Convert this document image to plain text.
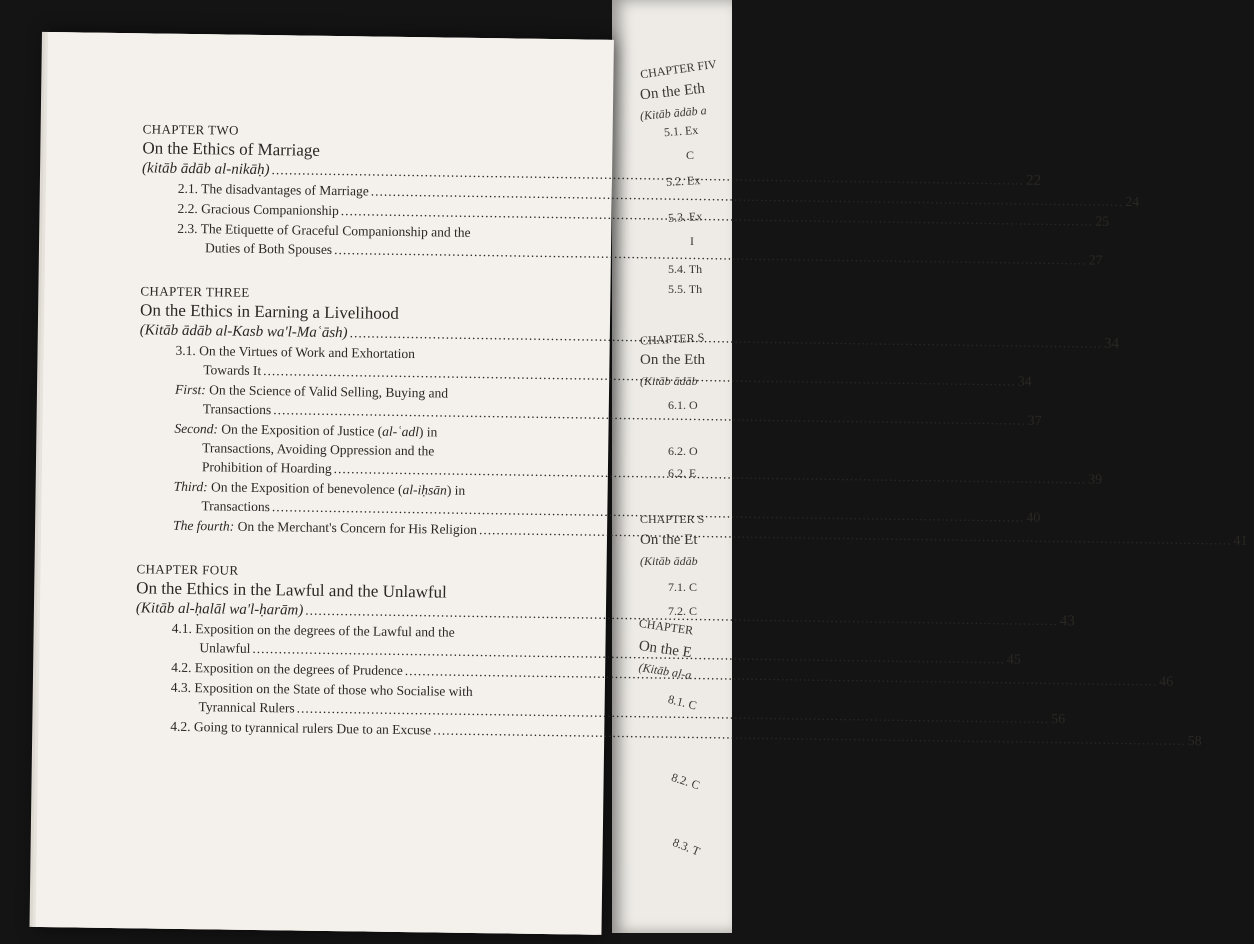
CHAPTER FIV
On the Eth
(Kitāb ādāb a
5.1. Ex
C
5.2. Ex
5.3. Ex
I
5.4. Th
5.5. Th
CHAPTER S
On the Eth
(Kitāb ādāb
6.1. O
6.2. O
6.2. E
CHAPTER S
On the Et
(Kitāb ādāb
7.1. C
7.2. C
CHAPTER
On the E
(Kitāb al-a
8.1. C
8.2. C
8.3. T
CHAPTER TWO
On the Ethics of Marriage
(kitāb ādāb al-nikāḥ)
.....
22
2.1. The disadvantages of Marriage
.....
24
2.2. Gracious Companionship
.....
25
2.3. The Etiquette of Graceful Companionship and the
Duties of Both Spouses
.....
27
CHAPTER THREE
On the Ethics in Earning a Livelihood
(Kitāb ādāb al-Kasb wa'l-Maʿāsh)
.....
34
3.1. On the Virtues of Work and Exhortation
Towards It
.....
34
First: On the Science of Valid Selling, Buying and
Transactions
.....
37
Second: On the Exposition of Justice (al-ʿadl) in
Transactions, Avoiding Oppression and the
Prohibition of Hoarding
.....
39
Third: On the Exposition of benevolence (al-iḥsān) in
Transactions
.....
40
The fourth: On the Merchant's Concern for His Religion
.....
41
CHAPTER FOUR
On the Ethics in the Lawful and the Unlawful
(Kitāb al-ḥalāl wa'l-ḥarām)
.....
43
4.1. Exposition on the degrees of the Lawful and the
Unlawful
.....
45
4.2. Exposition on the degrees of Prudence
.....
46
4.3. Exposition on the State of those who Socialise with
Tyrannical Rulers
.....
56
4.2. Going to tyrannical rulers Due to an Excuse
.....
58
